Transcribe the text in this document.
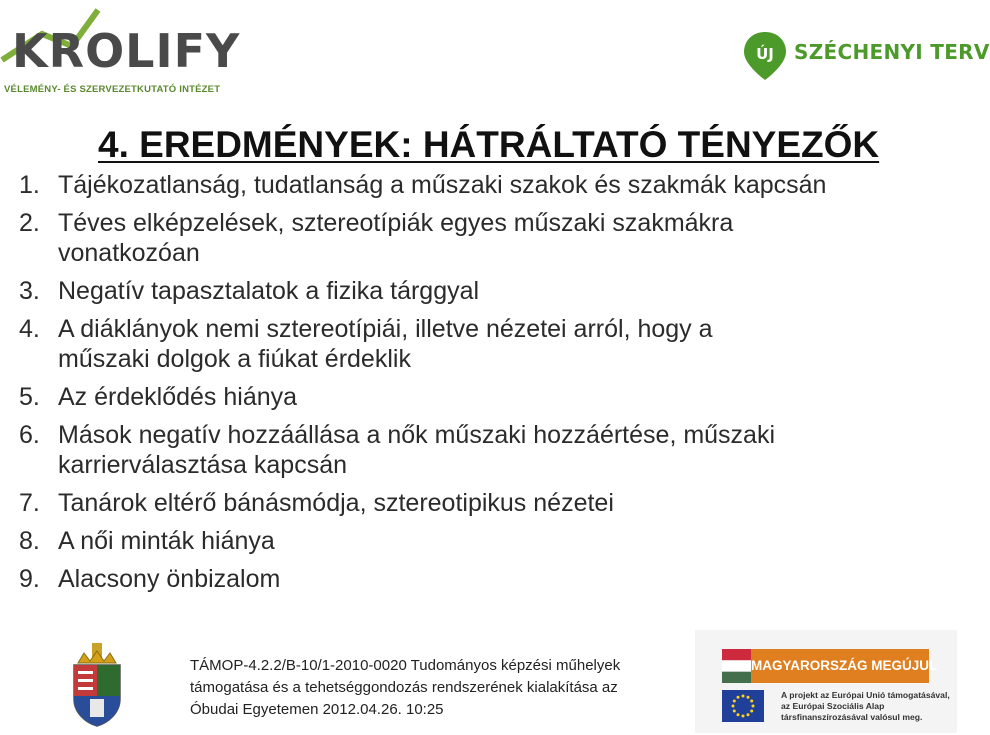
KROLIFY
VÉLEMÉNY- ÉS SZERVEZETKUTATÓ INTÉZET
ÚJ SZÉCHENYI TERV
4. EREDMÉNYEK: HÁTRÁLTATÓ TÉNYEZŐK
1. Tájékozatlanság, tudatlanság a műszaki szakok és szakmák kapcsán
2. Téves elképzelések, sztereotípiák egyes műszaki szakmákra
vonatkozóan
3. Negatív tapasztalatok a fizika tárggyal
4. A diáklányok nemi sztereotípiái, illetve nézetei arról, hogy a
műszaki dolgok a fiúkat érdeklik
5. Az érdeklődés hiánya
6. Mások negatív hozzáállása a nők műszaki hozzáértése, műszaki
karrierválasztása kapcsán
7. Tanárok eltérő bánásmódja, sztereotipikus nézetei
8. A női minták hiánya
9. Alacsony önbizalom
TÁMOP-4.2.2/B-10/1-2010-0020 Tudományos képzési műhelyek
támogatása és a tehetséggondozás rendszerének kialakítása az
Óbudai Egyetemen 2012.04.26. 10:25
MAGYARORSZÁG MEGÚJUL
A projekt az Európai Unió támogatásával,
az Európai Szociális Alap
társfinanszírozásával valósul meg.
